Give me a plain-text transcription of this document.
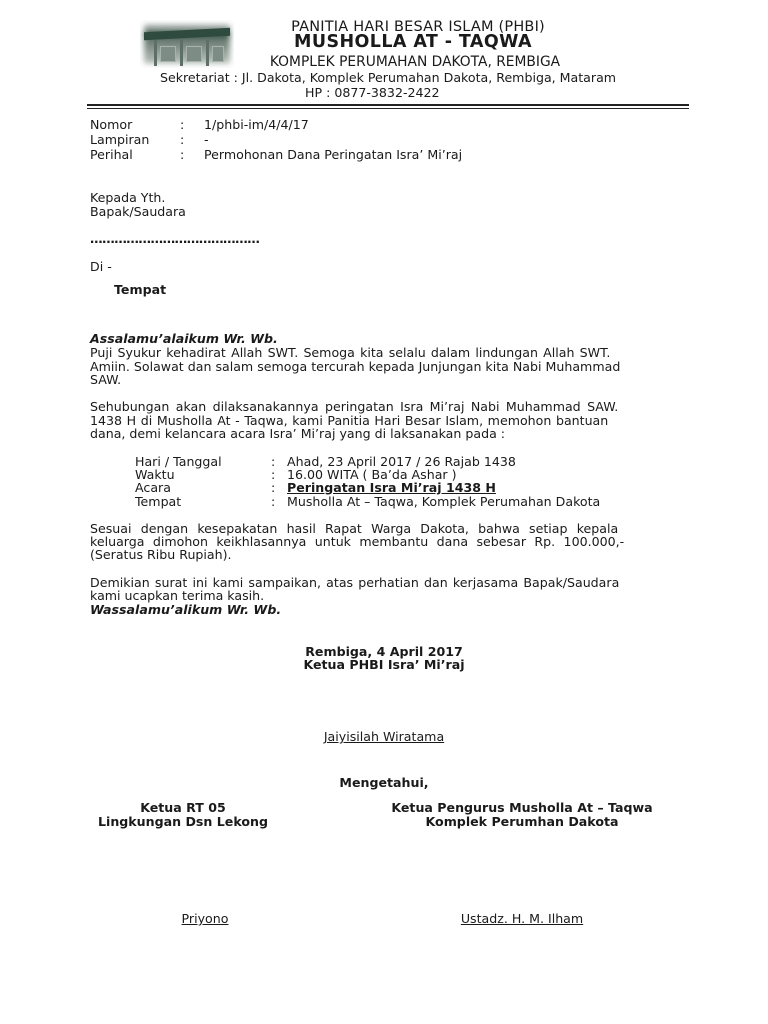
PANITIA HARI BESAR ISLAM (PHBI)
MUSHOLLA AT - TAQWA
KOMPLEK PERUMAHAN DAKOTA, REMBIGA
Sekretariat : Jl. Dakota, Komplek Perumahan Dakota, Rembiga, Mataram
HP : 0877-3832-2422
Nomor	: 1/phbi-im/4/4/17
Lampiran	: -
Perihal	: Permohonan Dana Peringatan Isra’ Mi’raj
Kepada Yth.
Bapak/Saudara
……………………………………
Di -
Tempat
Assalamu’alaikum Wr. Wb.
Puji Syukur kehadirat Allah SWT. Semoga kita selalu dalam lindungan Allah SWT.
Amiin. Solawat dan salam semoga tercurah kepada Junjungan kita Nabi Muhammad
SAW.
Sehubungan akan dilaksanakannya peringatan Isra Mi’raj Nabi Muhammad SAW.
1438 H di Musholla At - Taqwa, kami Panitia Hari Besar Islam, memohon bantuan
dana, demi kelancara acara Isra’ Mi’raj yang di laksanakan pada :
Hari / Tanggal	: Ahad, 23 April 2017 / 26 Rajab 1438
Waktu	: 16.00 WITA ( Ba’da Ashar )
Acara	: Peringatan Isra Mi’raj 1438 H
Tempat	: Musholla At – Taqwa, Komplek Perumahan Dakota
Sesuai dengan kesepakatan hasil Rapat Warga Dakota, bahwa setiap kepala
keluarga dimohon keikhlasannya untuk membantu dana sebesar Rp. 100.000,-
(Seratus Ribu Rupiah).
Demikian surat ini kami sampaikan, atas perhatian dan kerjasama Bapak/Saudara
kami ucapkan terima kasih.
Wassalamu’alikum Wr. Wb.
Rembiga, 4 April 2017
Ketua PHBI Isra’ Mi’raj
Jaiyisilah Wiratama
Mengetahui,
Ketua RT 05
Lingkungan Dsn Lekong
Priyono
Ketua Pengurus Musholla At – Taqwa
Komplek Perumhan Dakota
Ustadz. H. M. Ilham
